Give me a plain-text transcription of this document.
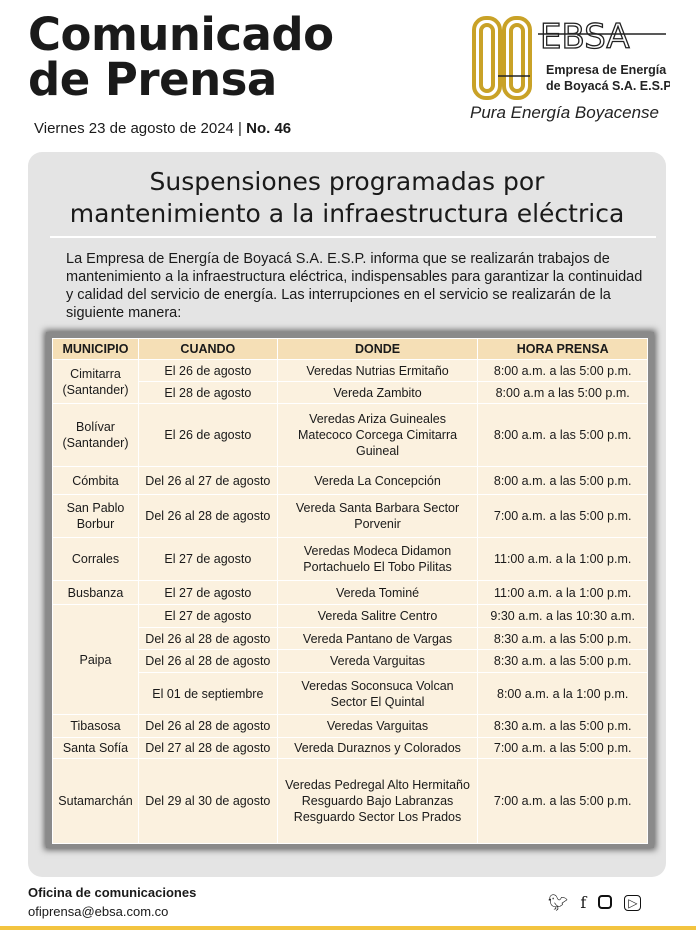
Comunicado
de Prensa
Viernes 23 de agosto de 2024 | No. 46
EBSA
Empresa de Energía
de Boyacá S.A. E.S.P.
Pura Energía Boyacense
Suspensiones programadas por
mantenimiento a la infraestructura eléctrica
La Empresa de Energía de Boyacá S.A. E.S.P. informa que se realizarán trabajos de mantenimiento a la infraestructura eléctrica, indispensables para garantizar la continuidad y calidad del servicio de energía. Las interrupciones en el servicio se realizarán de la siguiente manera:
MUNICIPIO	CUANDO	DONDE	HORA PRENSA
Cimitarra (Santander)	El 26 de agosto	Veredas Nutrias Ermitaño	8:00 a.m. a las 5:00 p.m.
	El 28 de agosto	Vereda Zambito	8:00 a.m a las 5:00 p.m.
Bolívar (Santander)	El 26 de agosto	Veredas Ariza Guineales Matecoco Corcega Cimitarra Guineal	8:00 a.m. a las 5:00 p.m.
Cómbita	Del 26 al 27 de agosto	Vereda La Concepción	8:00 a.m. a las 5:00 p.m.
San Pablo Borbur	Del 26 al 28 de agosto	Vereda Santa Barbara Sector Porvenir	7:00 a.m. a las 5:00 p.m.
Corrales	El 27 de agosto	Veredas Modeca Didamon Portachuelo El Tobo Pilitas	11:00 a.m. a la 1:00 p.m.
Busbanza	El 27 de agosto	Vereda Tominé	11:00 a.m. a la 1:00 p.m.
Paipa	El 27 de agosto	Vereda Salitre Centro	9:30 a.m. a las 10:30 a.m.
	Del 26 al 28 de agosto	Vereda Pantano de Vargas	8:30 a.m. a las 5:00 p.m.
	Del 26 al 28 de agosto	Vereda Varguitas	8:30 a.m. a las 5:00 p.m.
	El 01 de septiembre	Veredas Soconsuca Volcan Sector El Quintal	8:00 a.m. a la 1:00 p.m.
Tibasosa	Del 26 al 28 de agosto	Veredas Varguitas	8:30 a.m. a las 5:00 p.m.
Santa Sofía	Del 27 al 28 de agosto	Vereda Duraznos y Colorados	7:00 a.m. a las 5:00 p.m.
Sutamarchán	Del 29 al 30 de agosto	Veredas Pedregal Alto Hermitaño Resguardo Bajo Labranzas Resguardo Sector Los Prados	7:00 a.m. a las 5:00 p.m.
Oficina de comunicaciones
ofiprensa@ebsa.com.co	🐦︎ f	▷
